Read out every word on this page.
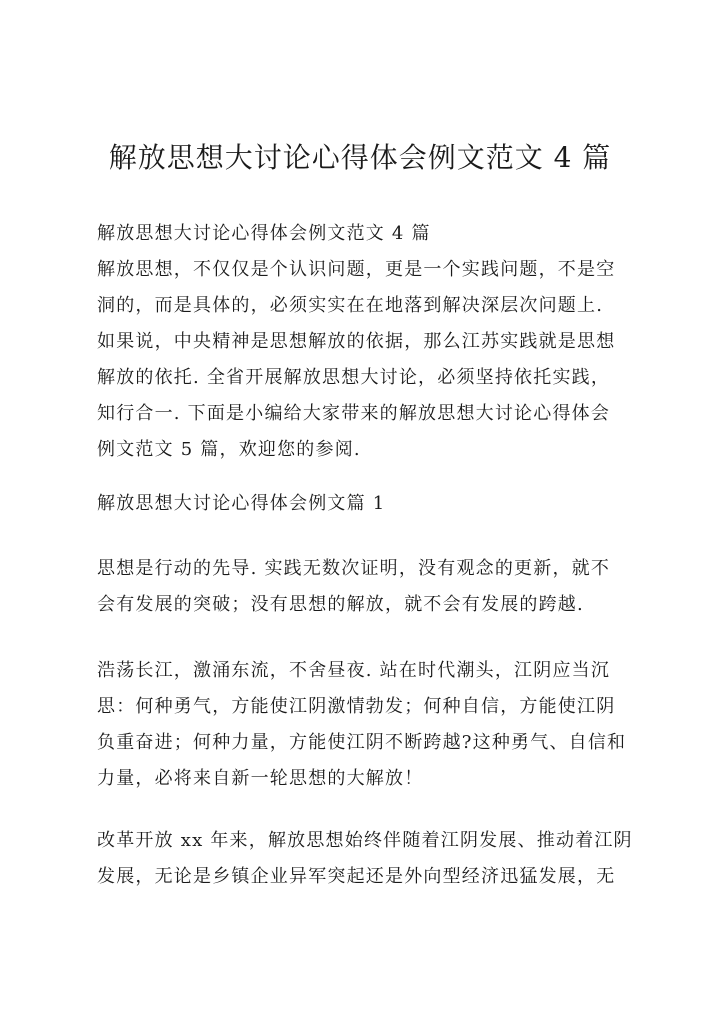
解放思想大讨论心得体会例文范文 4 篇
解放思想大讨论心得体会例文范文 4 篇
解放思想，不仅仅是个认识问题，更是一个实践问题，不是空
洞的，而是具体的，必须实实在在地落到解决深层次问题上.
如果说，中央精神是思想解放的依据，那么江苏实践就是思想
解放的依托. 全省开展解放思想大讨论，必须坚持依托实践，
知行合一. 下面是小编给大家带来的解放思想大讨论心得体会
例文范文 5 篇，欢迎您的参阅.
解放思想大讨论心得体会例文篇 1
思想是行动的先导. 实践无数次证明，没有观念的更新，就不
会有发展的突破；没有思想的解放，就不会有发展的跨越.
浩荡长江，激涌东流，不舍昼夜. 站在时代潮头，江阴应当沉
思：何种勇气，方能使江阴激情勃发；何种自信，方能使江阴
负重奋进；何种力量，方能使江阴不断跨越?这种勇气、自信和
力量，必将来自新一轮思想的大解放！
改革开放 xx 年来，解放思想始终伴随着江阴发展、推动着江阴
发展，无论是乡镇企业异军突起还是外向型经济迅猛发展，无
